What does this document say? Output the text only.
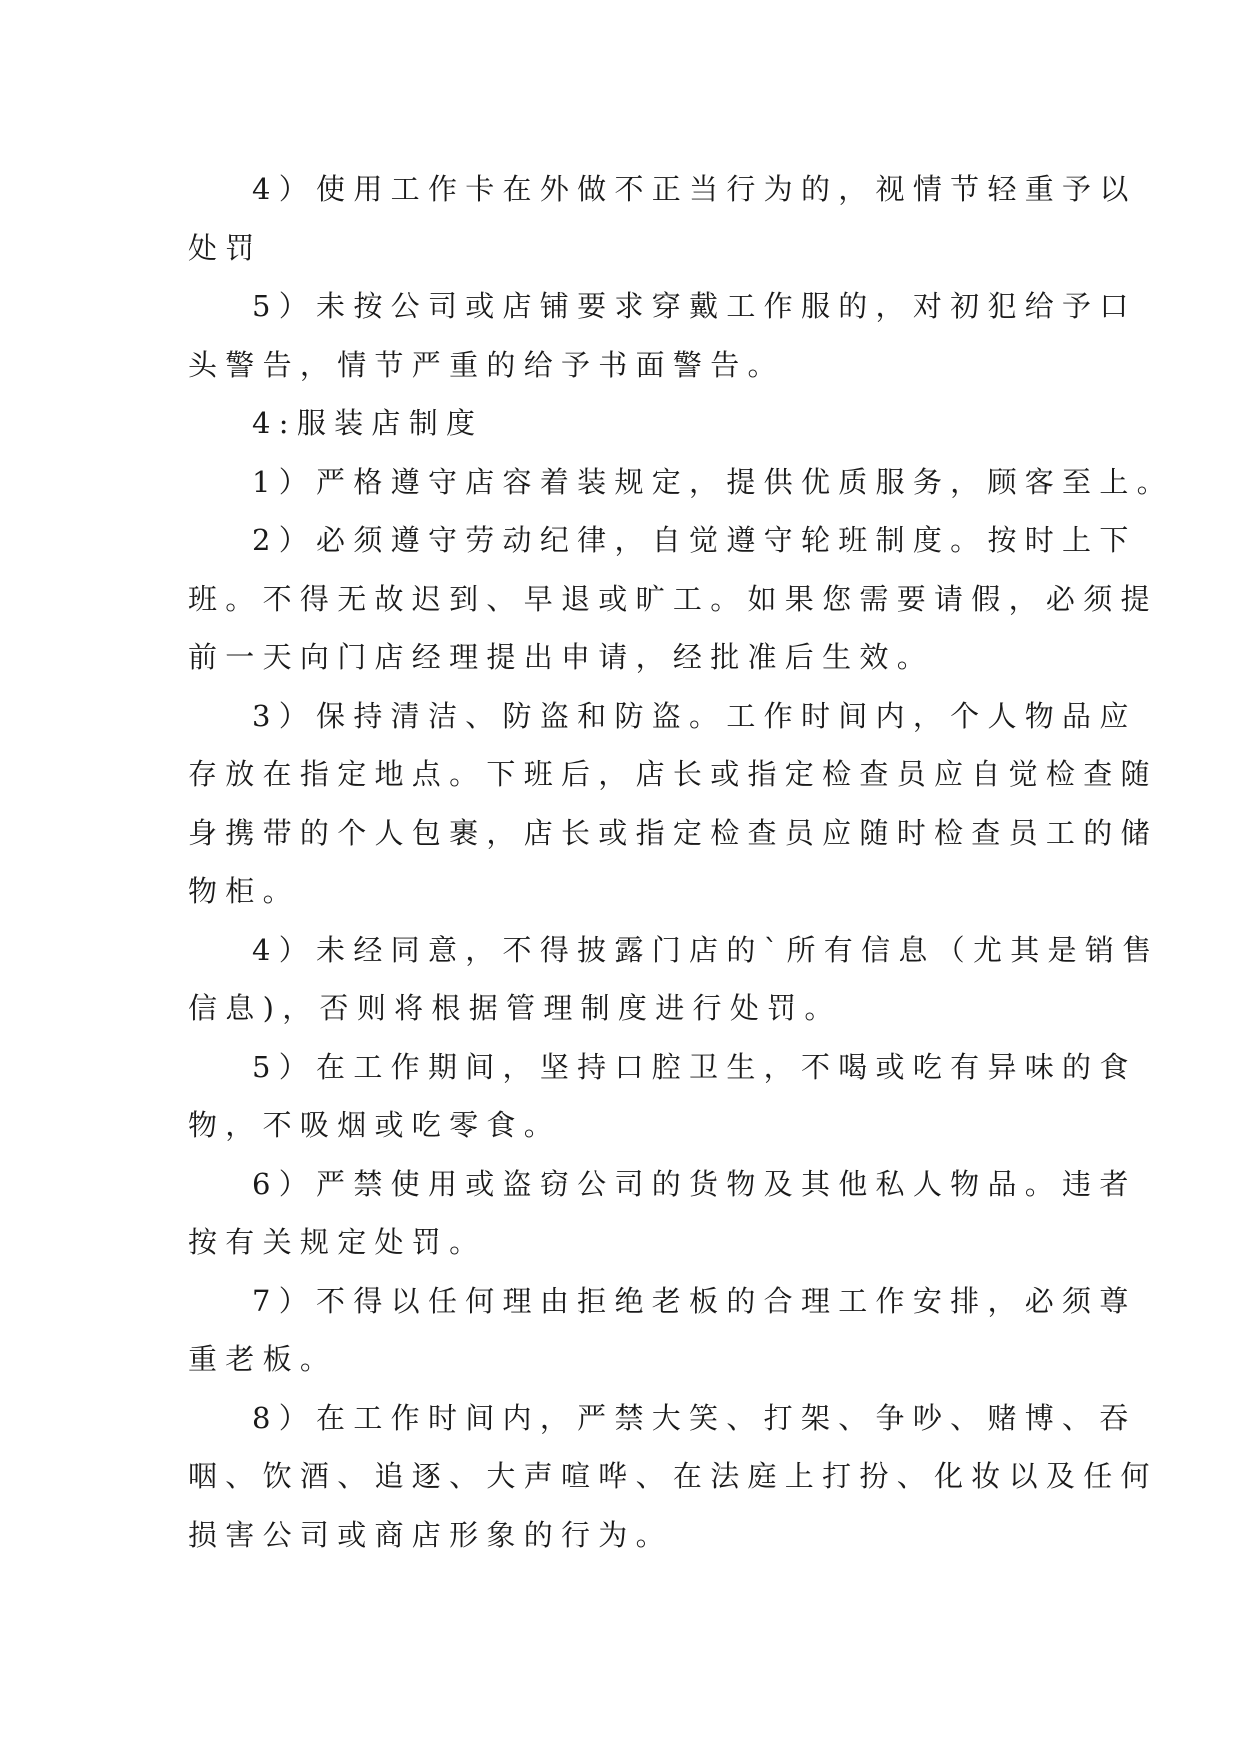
4）使用工作卡在外做不正当行为的，视情节轻重予以
处罚
5）未按公司或店铺要求穿戴工作服的，对初犯给予口
头警告，情节严重的给予书面警告。
4:服装店制度
1）严格遵守店容着装规定，提供优质服务，顾客至上。
2）必须遵守劳动纪律，自觉遵守轮班制度。按时上下
班。不得无故迟到、早退或旷工。如果您需要请假，必须提
前一天向门店经理提出申请，经批准后生效。
3）保持清洁、防盗和防盗。工作时间内，个人物品应
存放在指定地点。下班后，店长或指定检查员应自觉检查随
身携带的个人包裹，店长或指定检查员应随时检查员工的储
物柜。
4）未经同意，不得披露门店的`所有信息（尤其是销售
信息)，否则将根据管理制度进行处罚。
5）在工作期间，坚持口腔卫生，不喝或吃有异味的食
物，不吸烟或吃零食。
6）严禁使用或盗窃公司的货物及其他私人物品。违者
按有关规定处罚。
7）不得以任何理由拒绝老板的合理工作安排，必须尊
重老板。
8）在工作时间内，严禁大笑、打架、争吵、赌博、吞
咽、饮酒、追逐、大声喧哗、在法庭上打扮、化妆以及任何
损害公司或商店形象的行为。
